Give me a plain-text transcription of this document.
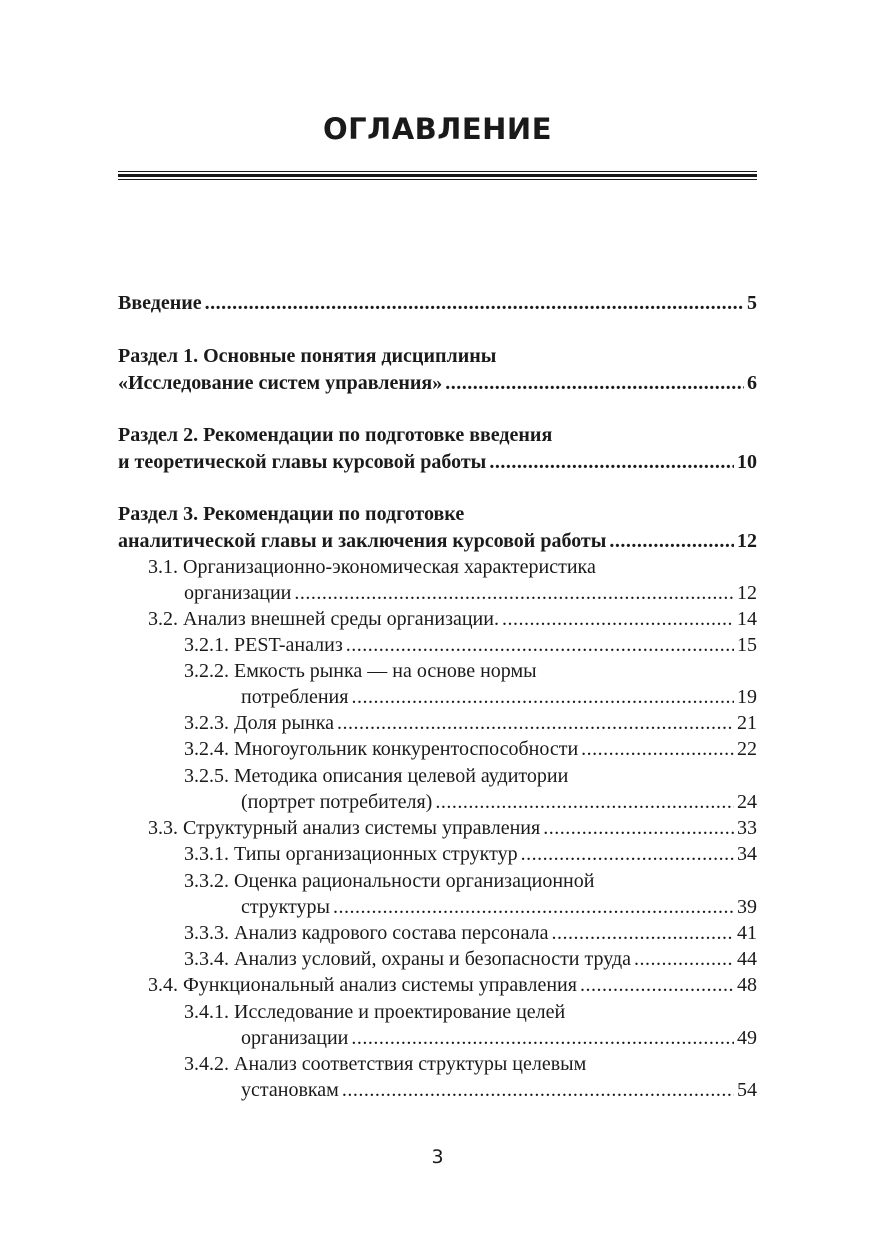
ОГЛАВЛЕНИЕ
Введение .....	5
Раздел 1. Основные понятия дисциплины
«Исследование систем управления» .....	6
Раздел 2. Рекомендации по подготовке введения
и теоретической главы курсовой работы .....	10
Раздел 3. Рекомендации по подготовке
аналитической главы и заключения курсовой работы .....	12
3.1. Организационно-экономическая характеристика
организации .....	12
3.2. Анализ внешней среды организации. .....	14
3.2.1. PEST-анализ .....	15
3.2.2. Емкость рынка — на основе нормы
потребления .....	19
3.2.3. Доля рынка .....	21
3.2.4. Многоугольник конкурентоспособности .....	22
3.2.5. Методика описания целевой аудитории
(портрет потребителя) .....	24
3.3. Структурный анализ системы управления .....	33
3.3.1. Типы организационных структур .....	34
3.3.2. Оценка рациональности организационной
структуры .....	39
3.3.3. Анализ кадрового состава персонала .....	41
3.3.4. Анализ условий, охраны и безопасности труда .....	44
3.4. Функциональный анализ системы управления .....	48
3.4.1. Исследование и проектирование целей
организации .....	49
3.4.2. Анализ соответствия структуры целевым
установкам .....	54
3
